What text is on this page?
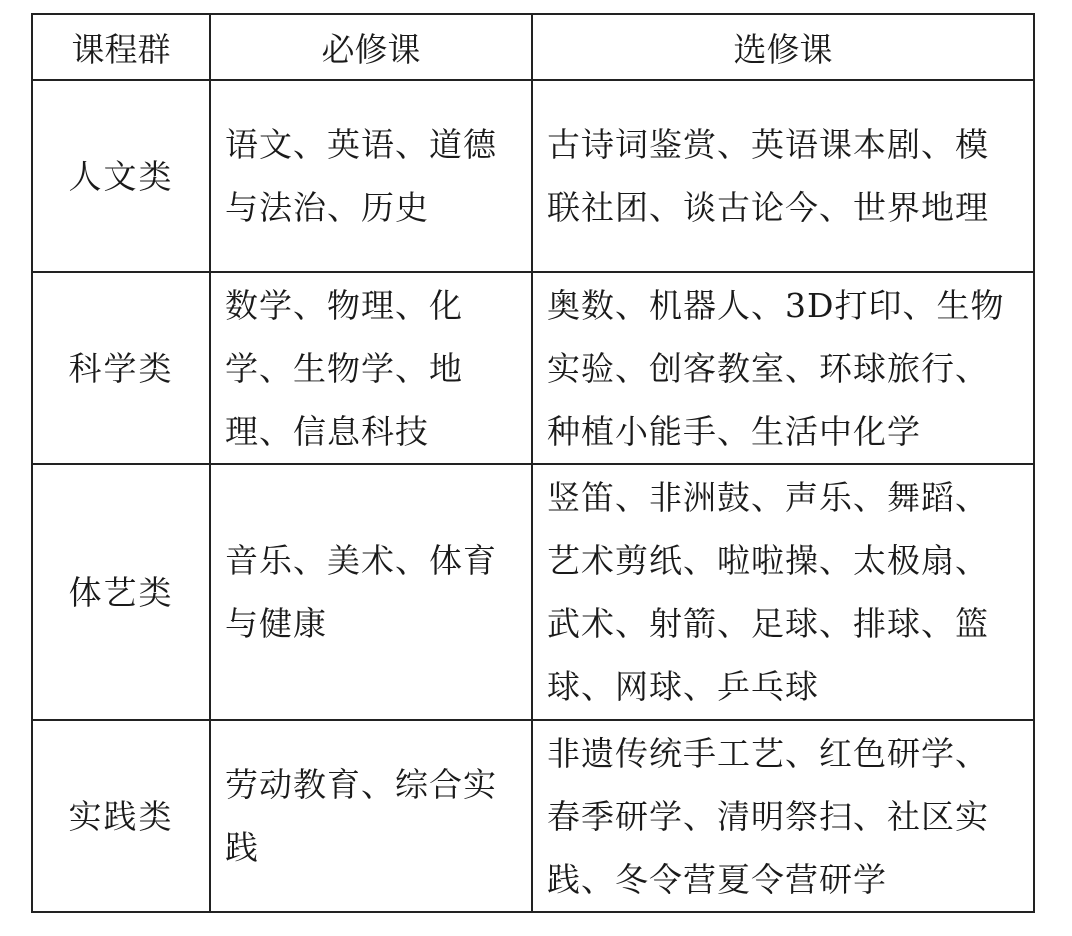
课程群	必修课	选修课
人文类	语文、英语、道德与法治、历史	古诗词鉴赏、英语课本剧、模联社团、谈古论今、世界地理
科学类	数学、物理、化学、生物学、地理、信息科技	奥数、机器人、3D打印、生物实验、创客教室、环球旅行、种植小能手、生活中化学
体艺类	音乐、美术、体育与健康	竖笛、非洲鼓、声乐、舞蹈、艺术剪纸、啦啦操、太极扇、武术、射箭、足球、排球、篮球、网球、乒乓球
实践类	劳动教育、综合实践	非遗传统手工艺、红色研学、春季研学、清明祭扫、社区实践、冬令营夏令营研学
